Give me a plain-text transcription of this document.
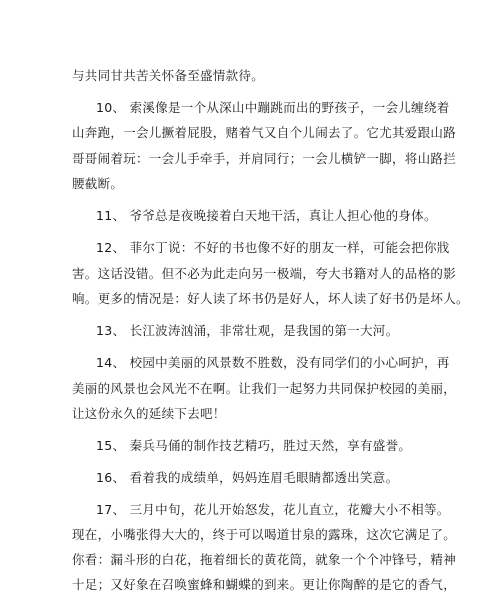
与共同甘共苦关怀备至盛情款待。
10、 索溪像是一个从深山中蹦跳而出的野孩子，一会儿缠绕着
山奔跑，一会儿撅着屁股，赌着气又自个儿闹去了。它尤其爱跟山路
哥哥闹着玩：一会儿手牵手，并肩同行；一会儿横铲一脚，将山路拦
腰截断。
11、 爷爷总是夜晚接着白天地干活，真让人担心他的身体。
12、 菲尔丁说：不好的书也像不好的朋友一样，可能会把你戕
害。这话没错。但不必为此走向另一极端，夸大书籍对人的品格的影
响。更多的情况是：好人读了坏书仍是好人，坏人读了好书仍是坏人。
13、 长江波涛汹涌，非常壮观，是我国的第一大河。
14、 校园中美丽的风景数不胜数，没有同学们的小心呵护，再
美丽的风景也会风光不在啊。让我们一起努力共同保护校园的美丽，
让这份永久的延续下去吧！
15、 秦兵马俑的制作技艺精巧，胜过天然，享有盛誉。
16、 看着我的成绩单，妈妈连眉毛眼睛都透出笑意。
17、 三月中旬，花儿开始怒发，花儿直立，花瓣大小不相等。
现在，小嘴张得大大的，终于可以喝道甘泉的露珠，这次它满足了。
你看：漏斗形的白花，拖着细长的黄花筒，就象一个个冲锋号，精神
十足；又好象在召唤蜜蜂和蝴蝶的到来。更让你陶醉的是它的香气，
